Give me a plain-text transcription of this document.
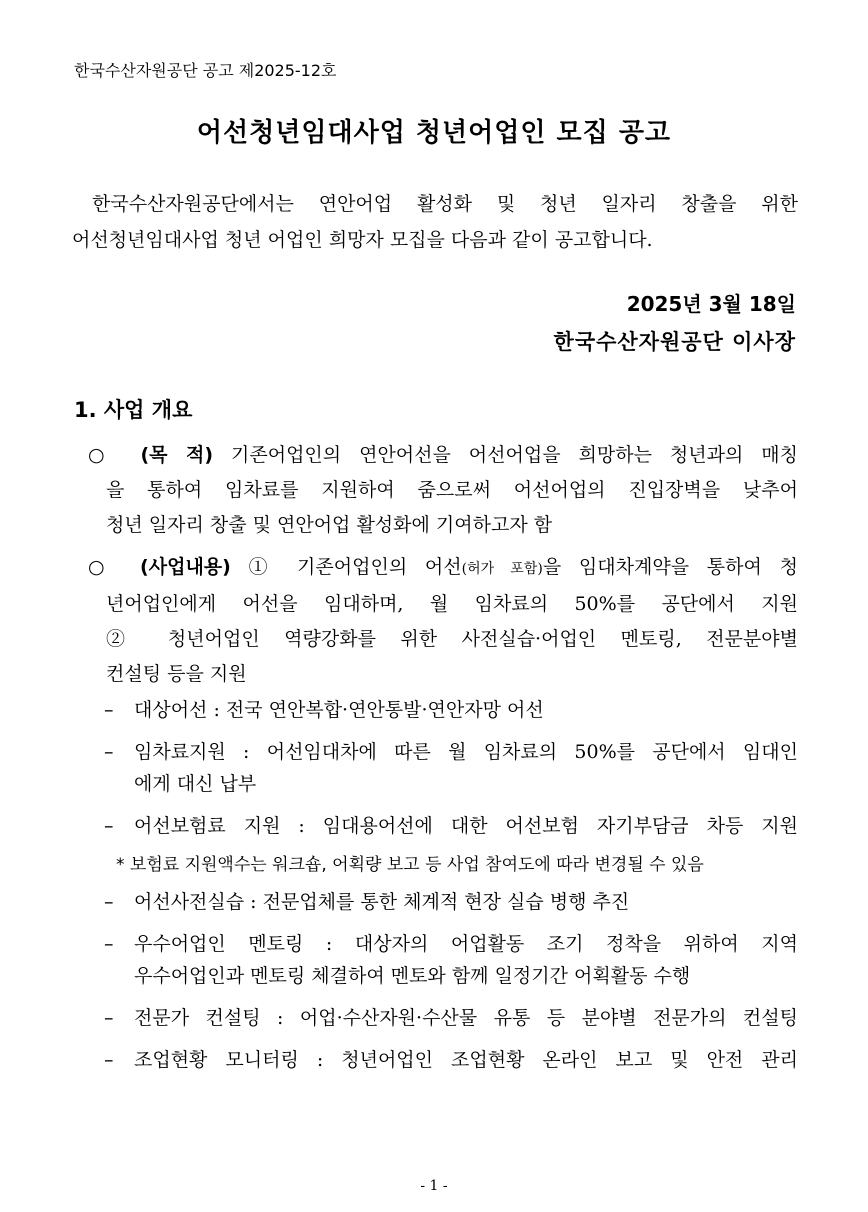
한국수산자원공단 공고 제2025-12호
어선청년임대사업 청년어업인 모집 공고
한국수산자원공단에서는 연안어업 활성화 및 청년 일자리 창출을 위한
어선청년임대사업 청년 어업인 희망자 모집을 다음과 같이 공고합니다.
2025년 3월 18일
한국수산자원공단 이사장
1. 사업 개요
○ (목 적) 기존어업인의 연안어선을 어선어업을 희망하는 청년과의 매칭
을 통하여 임차료를 지원하여 줌으로써 어선어업의 진입장벽을 낮추어
청년 일자리 창출 및 연안어업 활성화에 기여하고자 함
○ (사업내용) ① 기존어업인의 어선(허가 포함)을 임대차계약을 통하여 청
년어업인에게 어선을 임대하며, 월 임차료의 50%를 공단에서 지원
② 청년어업인 역량강화를 위한 사전실습·어업인 멘토링, 전문분야별
컨설팅 등을 지원
– 대상어선 : 전국 연안복합·연안통발·연안자망 어선
– 임차료지원 : 어선임대차에 따른 월 임차료의 50%를 공단에서 임대인
에게 대신 납부
– 어선보험료 지원 : 임대용어선에 대한 어선보험 자기부담금 차등 지원
* 보험료 지원액수는 워크숍, 어획량 보고 등 사업 참여도에 따라 변경될 수 있음
– 어선사전실습 : 전문업체를 통한 체계적 현장 실습 병행 추진
– 우수어업인 멘토링 : 대상자의 어업활동 조기 정착을 위하여 지역
우수어업인과 멘토링 체결하여 멘토와 함께 일정기간 어획활동 수행
– 전문가 컨설팅 : 어업·수산자원·수산물 유통 등 분야별 전문가의 컨설팅
– 조업현황 모니터링 : 청년어업인 조업현황 온라인 보고 및 안전 관리
- 1 -
